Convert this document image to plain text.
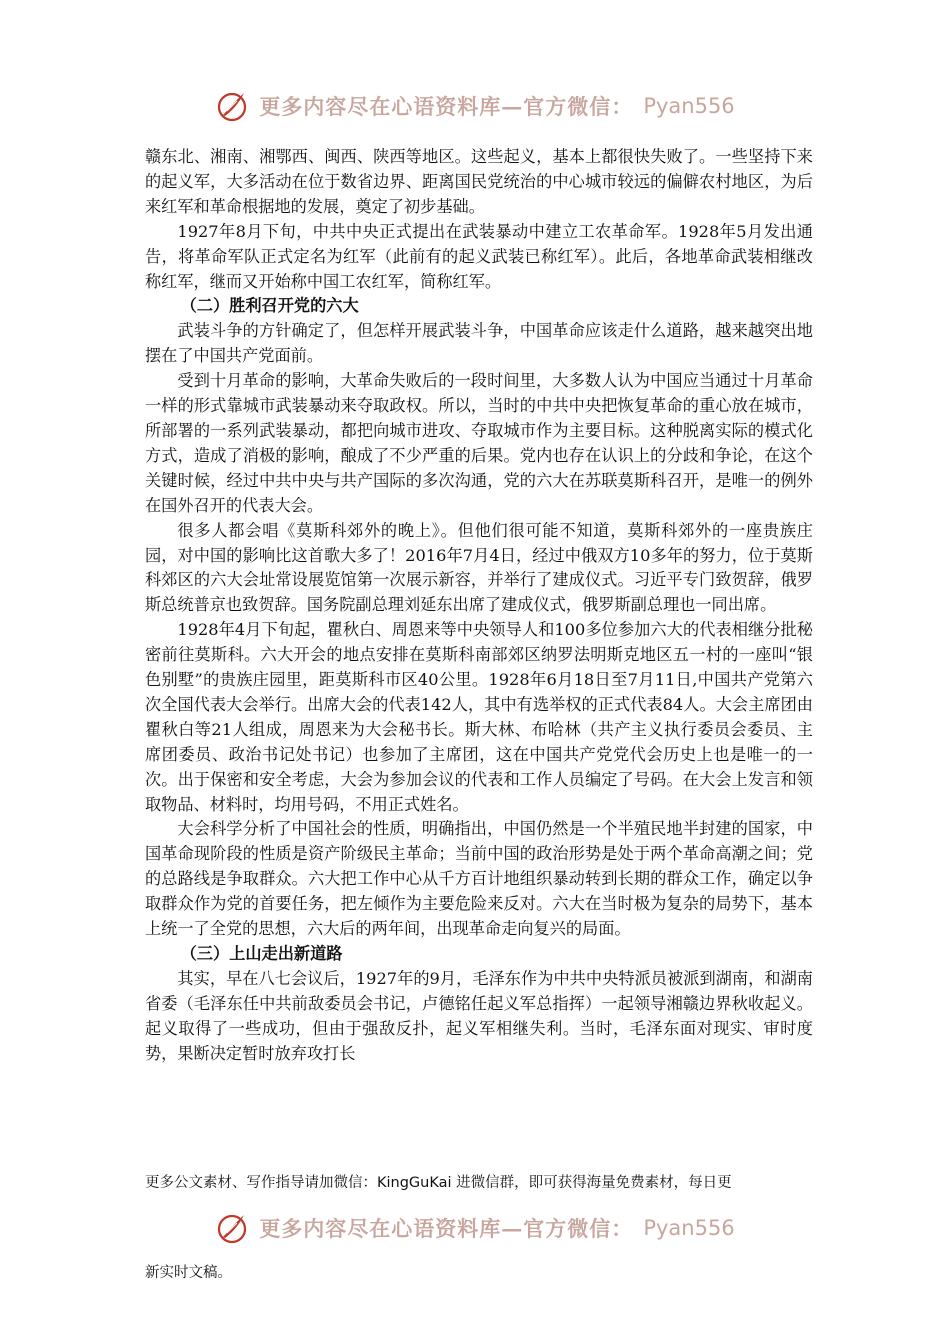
更多内容尽在心语资料库—官方微信： Pyan556

赣东北、湘南、湘鄂西、闽西、陕西等地区。这些起义，基本上都很快失败了。一些坚持下来的起义军，大多活动在位于数省边界、距离国民党统治的中心城市较远的偏僻农村地区，为后来红军和革命根据地的发展，奠定了初步基础。

1927年8月下旬，中共中央正式提出在武装暴动中建立工农革命军。1928年5月发出通告，将革命军队正式定名为红军（此前有的起义武装已称红军）。此后，各地革命武装相继改称红军，继而又开始称中国工农红军，简称红军。

（二）胜利召开党的六大

武装斗争的方针确定了，但怎样开展武装斗争，中国革命应该走什么道路，越来越突出地摆在了中国共产党面前。

受到十月革命的影响，大革命失败后的一段时间里，大多数人认为中国应当通过十月革命一样的形式靠城市武装暴动来夺取政权。所以，当时的中共中央把恢复革命的重心放在城市，所部署的一系列武装暴动，都把向城市进攻、夺取城市作为主要目标。这种脱离实际的模式化方式，造成了消极的影响，酿成了不少严重的后果。党内也存在认识上的分歧和争论，在这个关键时候，经过中共中央与共产国际的多次沟通，党的六大在苏联莫斯科召开，是唯一的例外在国外召开的代表大会。

很多人都会唱《莫斯科郊外的晚上》。但他们很可能不知道，莫斯科郊外的一座贵族庄园，对中国的影响比这首歌大多了！2016年7月4日，经过中俄双方10多年的努力，位于莫斯科郊区的六大会址常设展览馆第一次展示新容，并举行了建成仪式。习近平专门致贺辞，俄罗斯总统普京也致贺辞。国务院副总理刘延东出席了建成仪式，俄罗斯副总理也一同出席。

1928年4月下旬起，瞿秋白、周恩来等中央领导人和100多位参加六大的代表相继分批秘密前往莫斯科。六大开会的地点安排在莫斯科南部郊区纳罗法明斯克地区五一村的一座叫“银色别墅”的贵族庄园里，距莫斯科市区40公里。1928年6月18日至7月11日,中国共产党第六次全国代表大会举行。出席大会的代表142人，其中有选举权的正式代表84人。大会主席团由瞿秋白等21人组成，周恩来为大会秘书长。斯大林、布哈林（共产主义执行委员会委员、主席团委员、政治书记处书记）也参加了主席团，这在中国共产党党代会历史上也是唯一的一次。出于保密和安全考虑，大会为参加会议的代表和工作人员编定了号码。在大会上发言和领取物品、材料时，均用号码，不用正式姓名。

大会科学分析了中国社会的性质，明确指出，中国仍然是一个半殖民地半封建的国家，中国革命现阶段的性质是资产阶级民主革命；当前中国的政治形势是处于两个革命高潮之间；党的总路线是争取群众。六大把工作中心从千方百计地组织暴动转到长期的群众工作，确定以争取群众作为党的首要任务，把左倾作为主要危险来反对。六大在当时极为复杂的局势下，基本上统一了全党的思想，六大后的两年间，出现革命走向复兴的局面。

（三）上山走出新道路

其实，早在八七会议后，1927年的9月，毛泽东作为中共中央特派员被派到湖南，和湖南省委（毛泽东任中共前敌委员会书记，卢德铭任起义军总指挥）一起领导湘赣边界秋收起义。起义取得了一些成功，但由于强敌反扑，起义军相继失利。当时，毛泽东面对现实、审时度势，果断决定暂时放弃攻打长

更多公文素材、写作指导请加微信：KingGuKai 进微信群，即可获得海量免费素材，每日更
更多内容尽在心语资料库—官方微信： Pyan556
新实时文稿。
